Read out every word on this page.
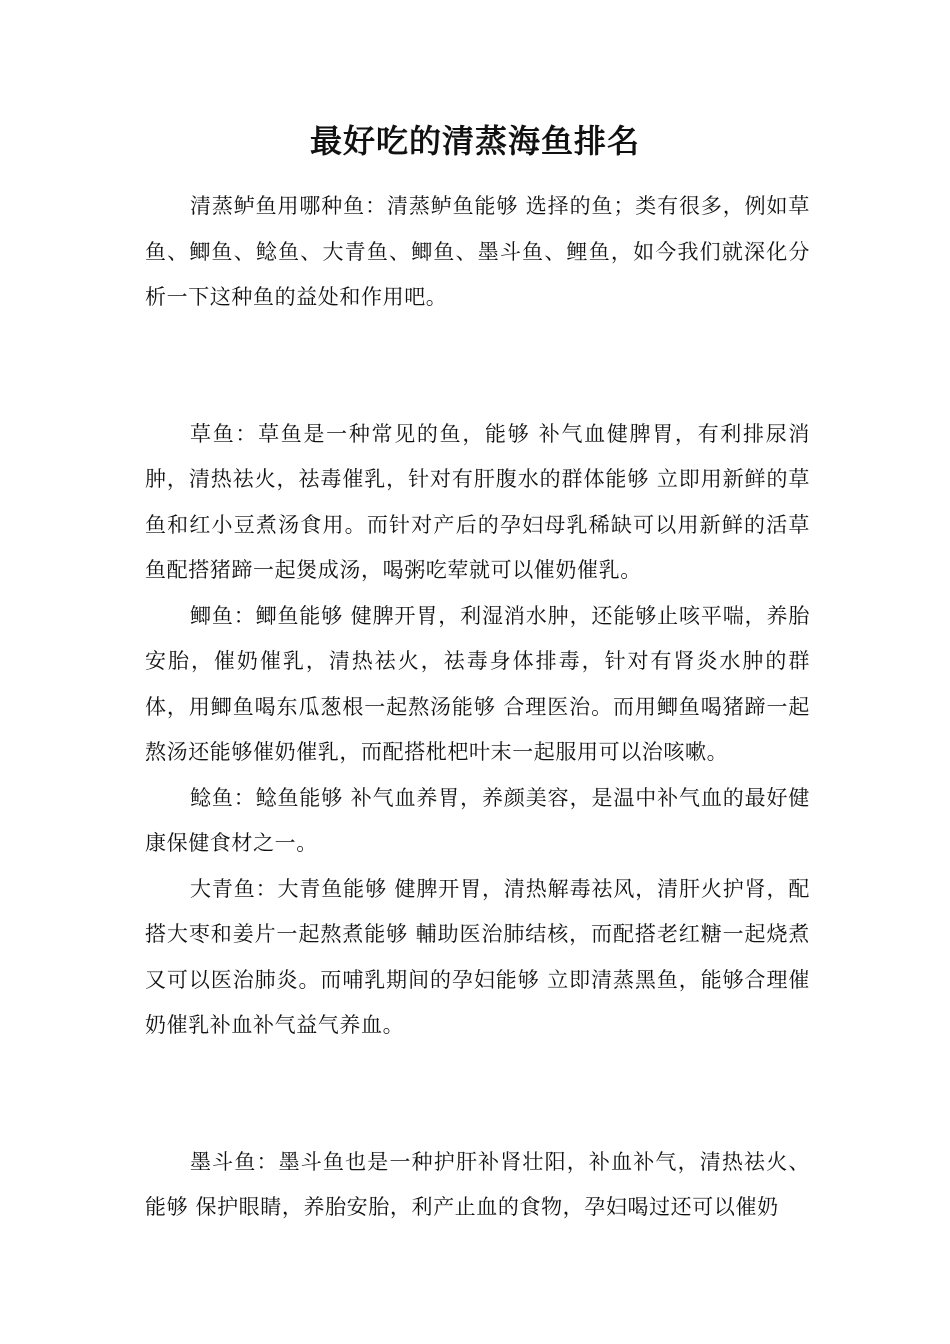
最好吃的清蒸海鱼排名

清蒸鲈鱼用哪种鱼：清蒸鲈鱼能够 选择的鱼；类有很多，例如草鱼、鲫鱼、鲶鱼、大青鱼、鲫鱼、墨斗鱼、鲤鱼，如今我们就深化分析一下这种鱼的益处和作用吧。

草鱼：草鱼是一种常见的鱼，能够 补气血健脾胃，有利排尿消肿，清热祛火，祛毒催乳，针对有肝腹水的群体能够 立即用新鲜的草鱼和红小豆煮汤食用。而针对产后的孕妇母乳稀缺可以用新鲜的活草鱼配搭猪蹄一起煲成汤，喝粥吃荤就可以催奶催乳。

鲫鱼：鲫鱼能够 健脾开胃，利湿消水肿，还能够止咳平喘，养胎安胎，催奶催乳，清热祛火，祛毒身体排毒，针对有肾炎水肿的群体，用鲫鱼喝东瓜葱根一起熬汤能够 合理医治。而用鲫鱼喝猪蹄一起熬汤还能够催奶催乳，而配搭枇杷叶末一起服用可以治咳嗽。

鲶鱼：鲶鱼能够 补气血养胃，养颜美容，是温中补气血的最好健康保健食材之一。

大青鱼：大青鱼能够 健脾开胃，清热解毒祛风，清肝火护肾，配搭大枣和姜片一起熬煮能够 輔助医治肺结核，而配搭老红糖一起烧煮又可以医治肺炎。而哺乳期间的孕妇能够 立即清蒸黑鱼，能够合理催奶催乳补血补气益气养血。

墨斗鱼：墨斗鱼也是一种护肝补肾壮阳，补血补气，清热祛火、能够 保护眼睛，养胎安胎，利产止血的食物，孕妇喝过还可以催奶
